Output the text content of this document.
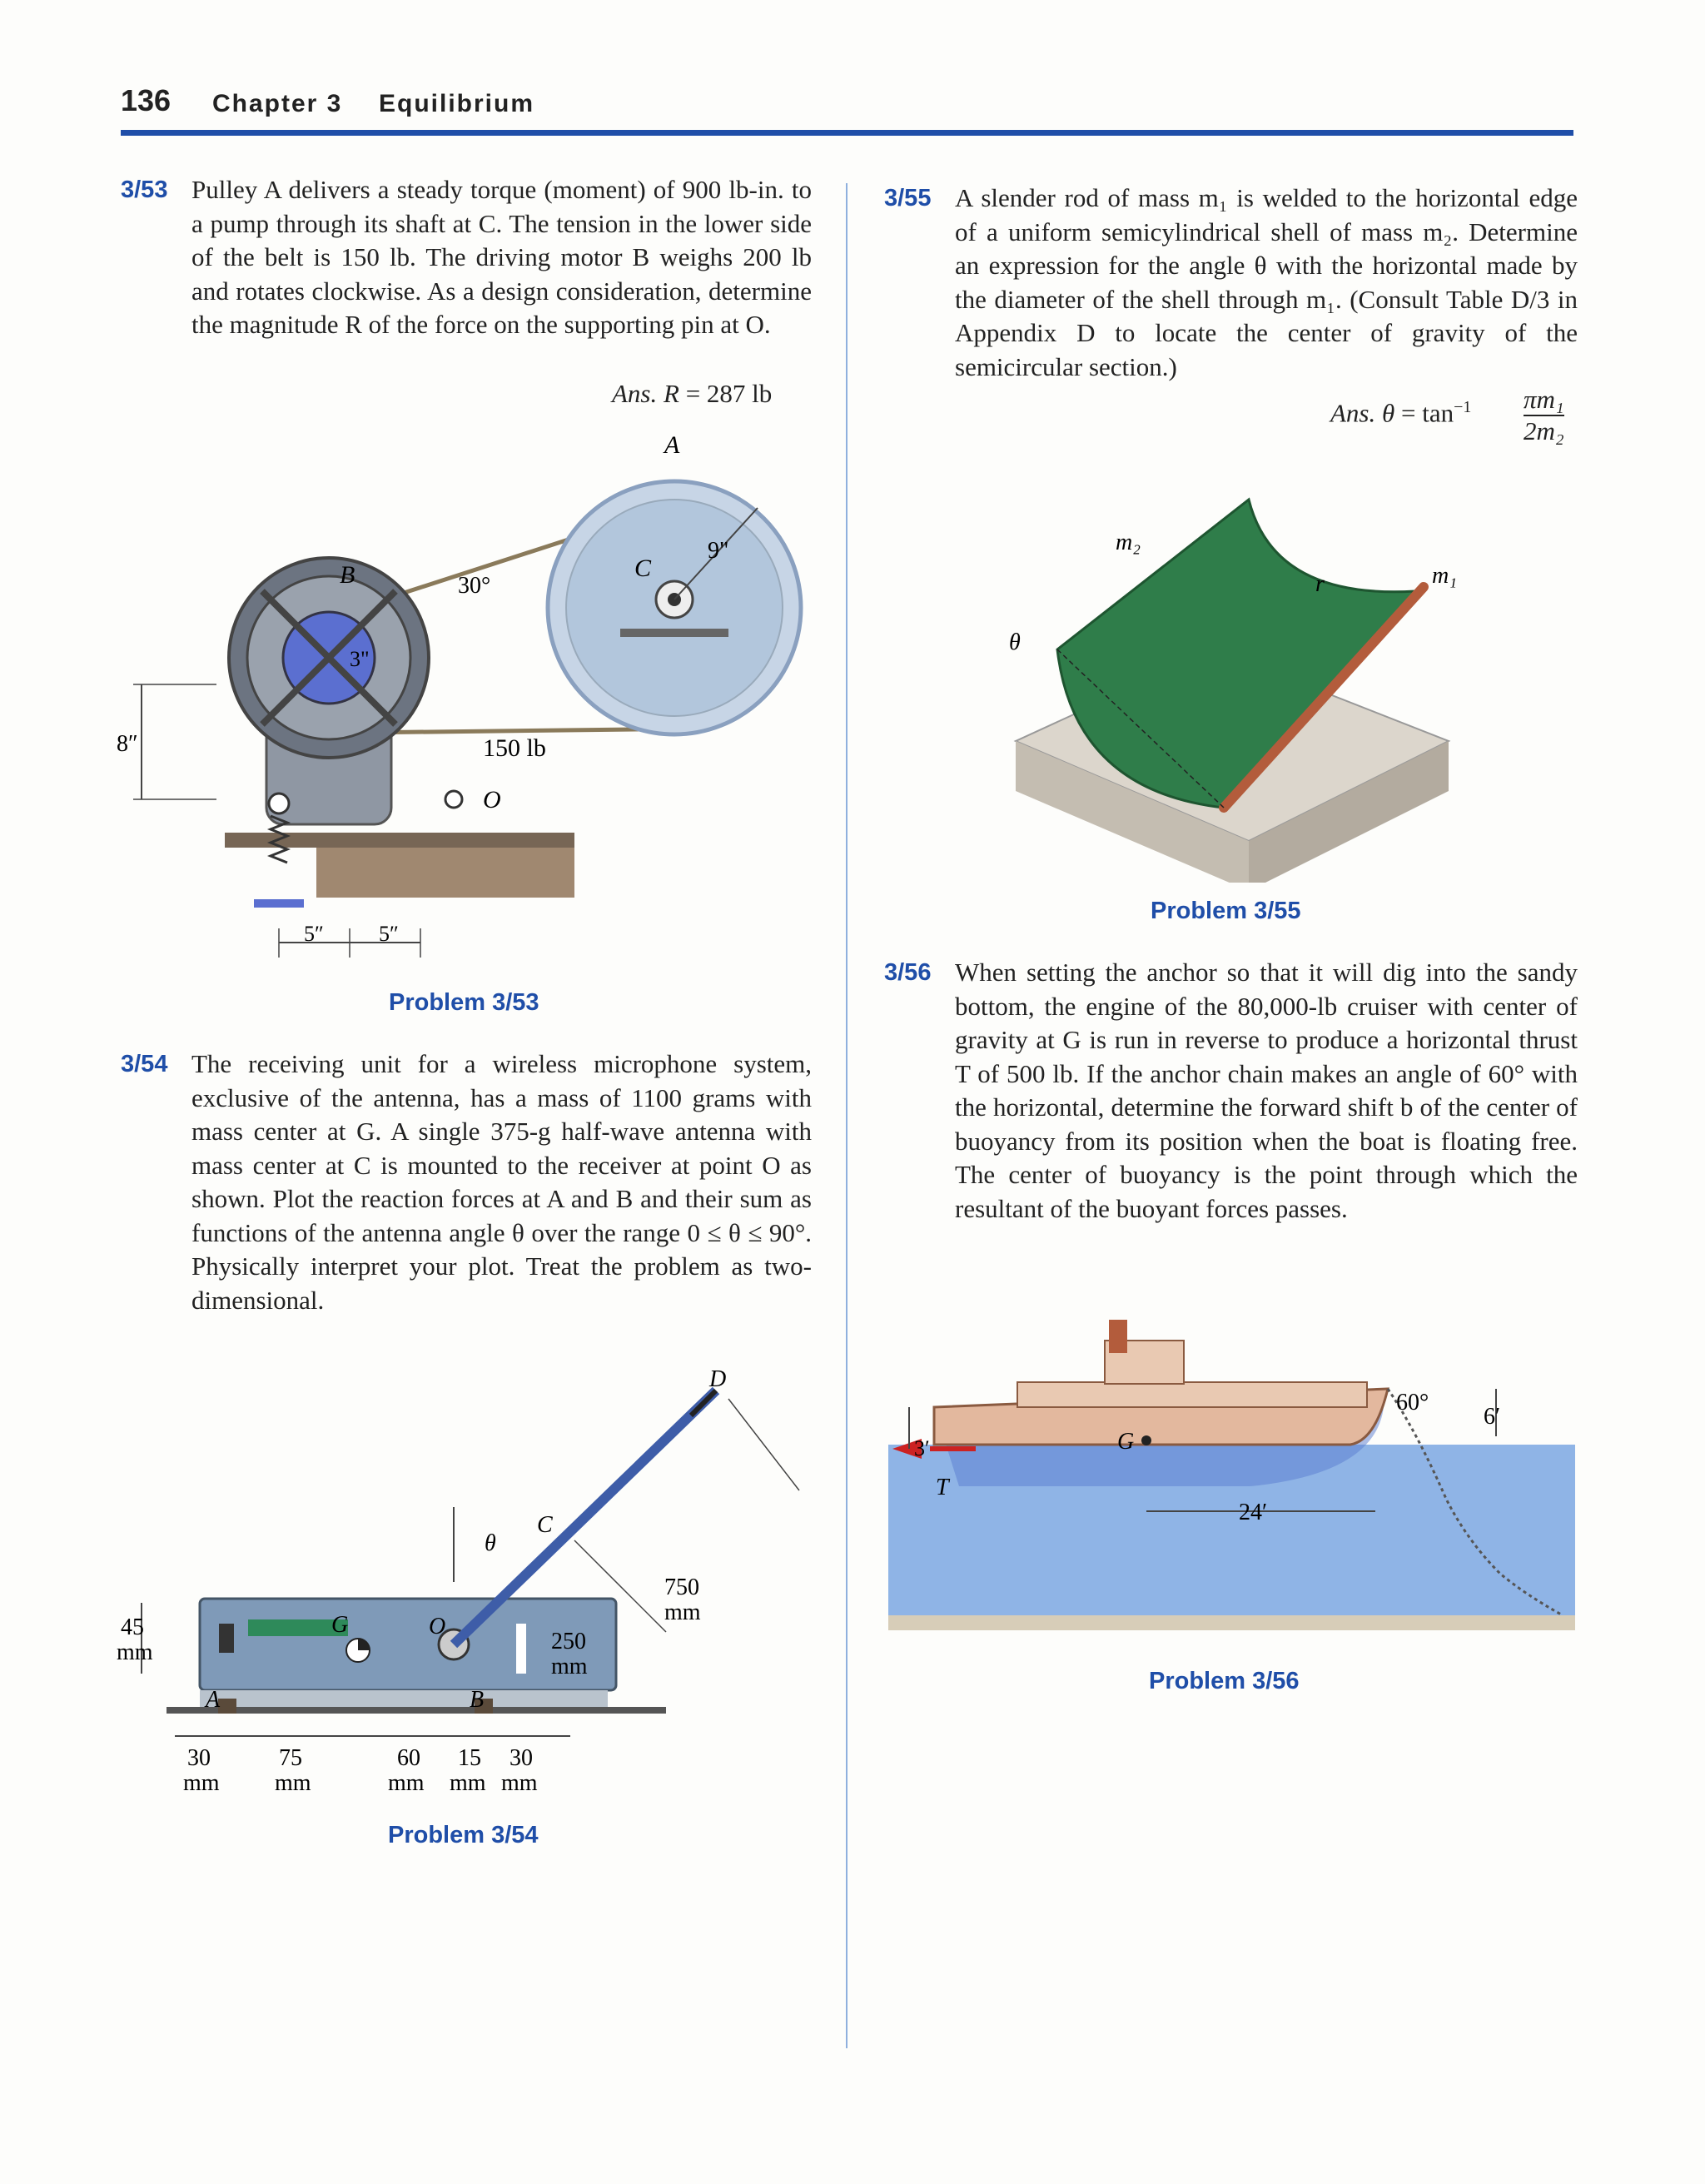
136 Chapter 3 Equilibrium
3/53 Pulley A delivers a steady torque (moment) of 900 lb-in. to a pump through its shaft at C. The tension in the lower side of the belt is 150 lb. The driving motor B weighs 200 lb and rotates clockwise. As a design consideration, determine the magnitude R of the force on the supporting pin at O.
Ans. R = 287 lb
A
B	C
O
9"
3"
30°
150 lb
8″
5″	5″
Problem 3/53
3/54 The receiving unit for a wireless microphone system, exclusive of the antenna, has a mass of 1100 grams with mass center at G. A single 375-g half-wave antenna with mass center at C is mounted to the receiver at point O as shown. Plot the reaction forces at A and B and their sum as functions of the antenna angle θ over the range 0 ≤ θ ≤ 90°. Physically interpret your plot. Treat the problem as two-dimensional.
D
C
θ
G	O
A	B
750
mm
250
mm
45
mm
30
mm
75
mm
60
mm
15
mm
30
mm
Problem 3/54
3/55 A slender rod of mass m₁ is welded to the horizontal edge of a uniform semicylindrical shell of mass m₂. Determine an expression for the angle θ with the horizontal made by the diameter of the shell through m₁. (Consult Table D/3 in Appendix D to locate the center of gravity of the semicircular section.)
Ans. $\theta = \tan^{-1} \pi m_1$
2m₂
m₂
m₁
r
θ
Problem 3/55
3/56 When setting the anchor so that it will dig into the sandy bottom, the engine of the 80,000-lb cruiser with center of gravity at G is run in reverse to produce a horizontal thrust T of 500 lb. If the anchor chain makes an angle of 60° with the horizontal, determine the forward shift b of the center of buoyancy from its position when the boat is floating free. The center of buoyancy is the point through which the resultant of the buoyant forces passes.
G
T
3′
24′
60°
6′
Problem 3/56
